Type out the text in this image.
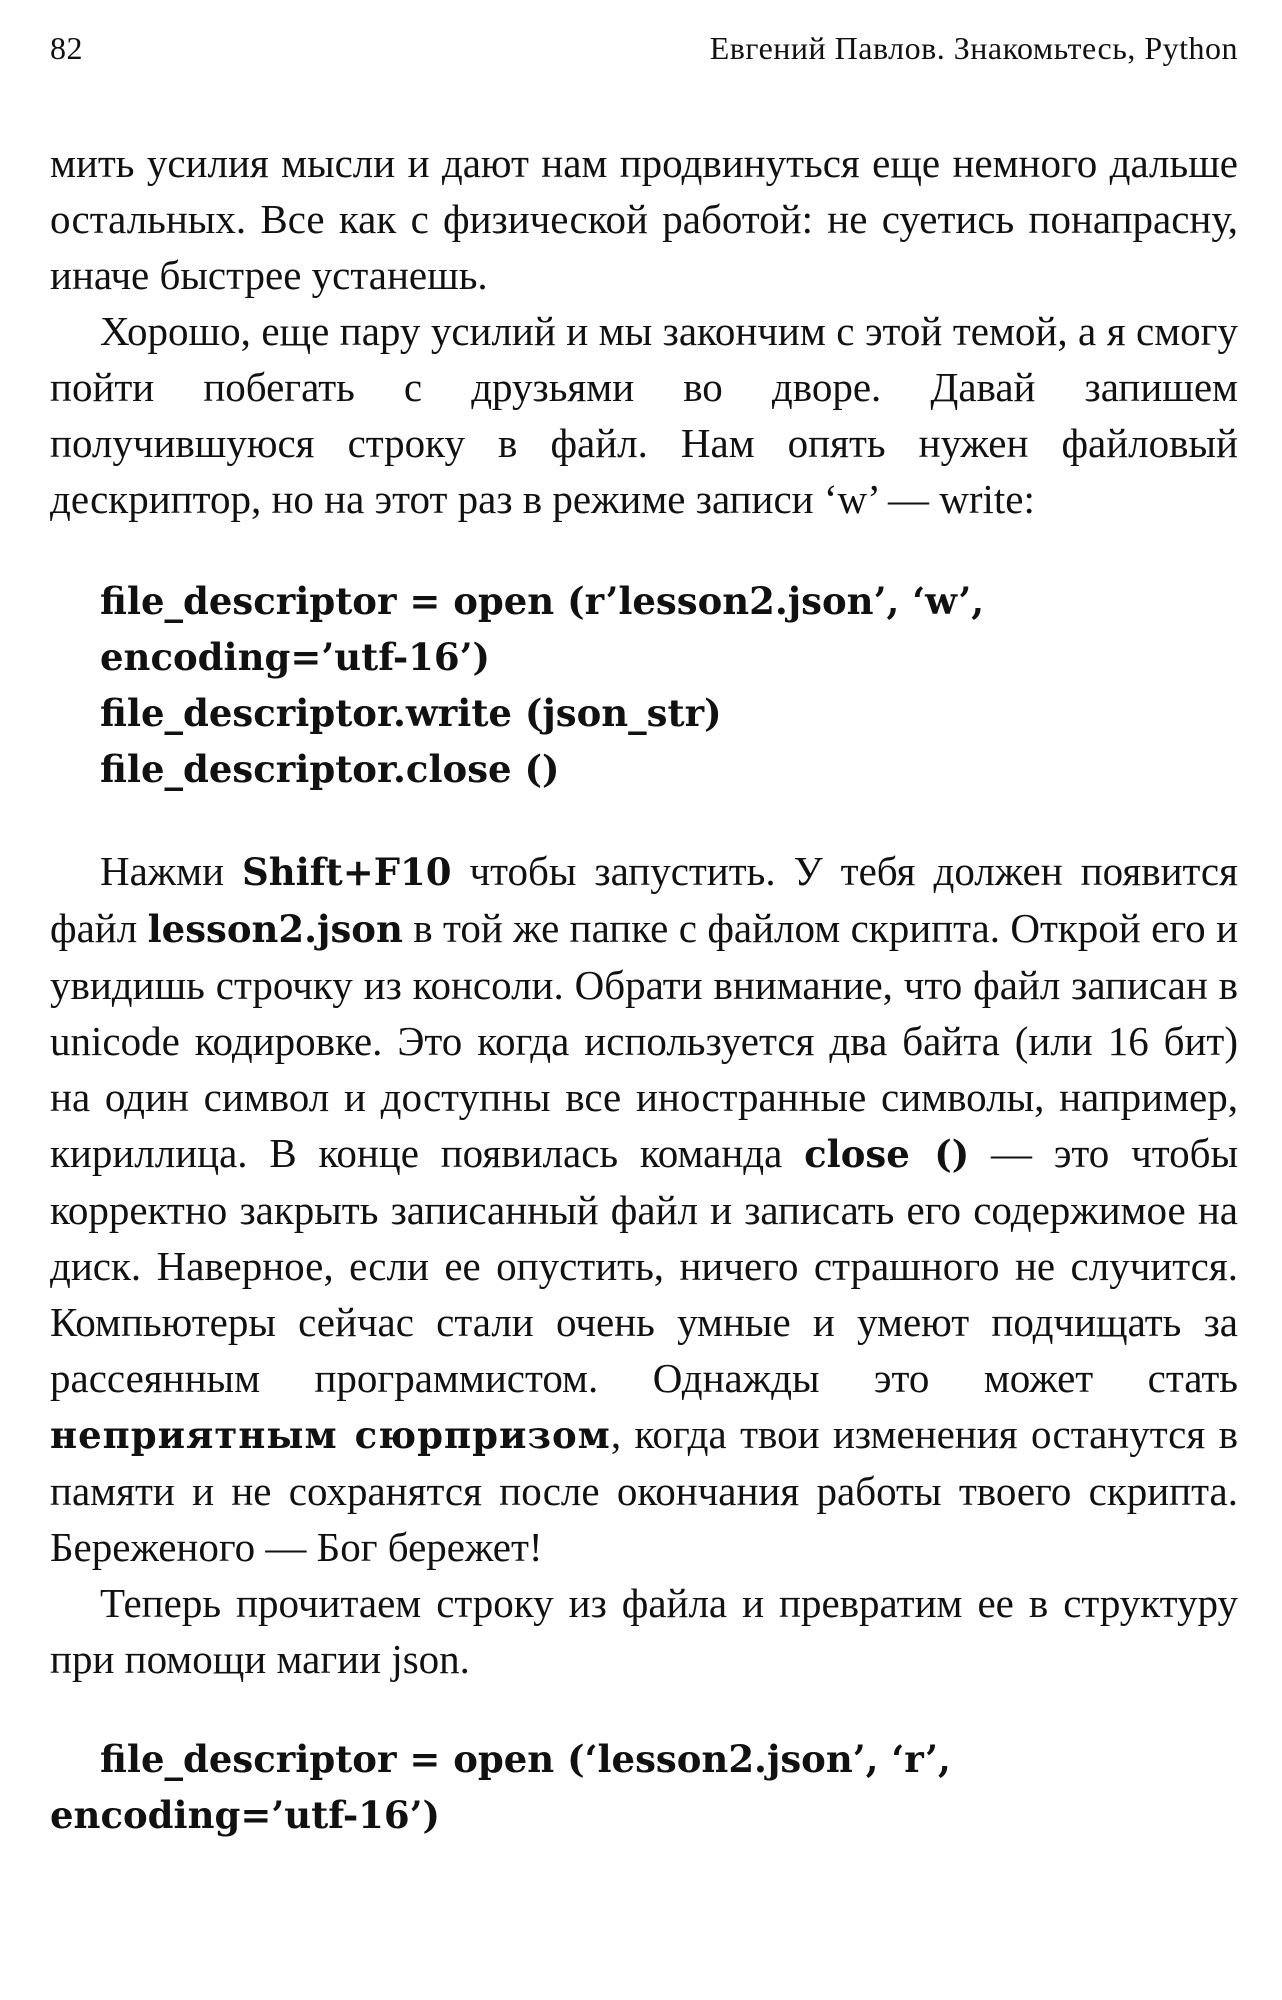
82	Евгений Павлов. Знакомьтесь, Python

мить усилия мысли и дают нам продвинуться еще немного дальше остальных. Все как с физической работой: не суетись понапрасну, иначе быстрее устанешь.

Хорошо, еще пару усилий и мы закончим с этой темой, а я смогу пойти побегать с друзьями во дворе. Давай запишем получившуюся строку в файл. Нам опять нужен файловый дескриптор, но на этот раз в режиме записи ‘w’ — write:

file_descriptor = open (r’lesson2.json’, ‘w’,
encoding=’utf-16’)
file_descriptor.write (json_str)
file_descriptor.close ()

Нажми Shift+F10 чтобы запустить. У тебя должен появится файл lesson2.json в той же папке с файлом скрипта. Открой его и увидишь строчку из консоли. Обрати внимание, что файл записан в unicode кодировке. Это когда используется два байта (или 16 бит) на один символ и доступны все иностранные символы, например, кириллица. В конце появилась команда close () — это чтобы корректно закрыть записанный файл и записать его содержимое на диск. Наверное, если ее опустить, ничего страшного не случится. Компьютеры сейчас стали очень умные и умеют подчищать за рассеянным программистом. Однажды это может стать неприятным сюрпризом, когда твои изменения останутся в памяти и не сохранятся после окончания работы твоего скрипта. Береженого — Бог бережет!

Теперь прочитаем строку из файла и превратим ее в структуру при помощи магии json.

file_descriptor = open (‘lesson2.json’, ‘r’,
encoding=’utf-16’)
